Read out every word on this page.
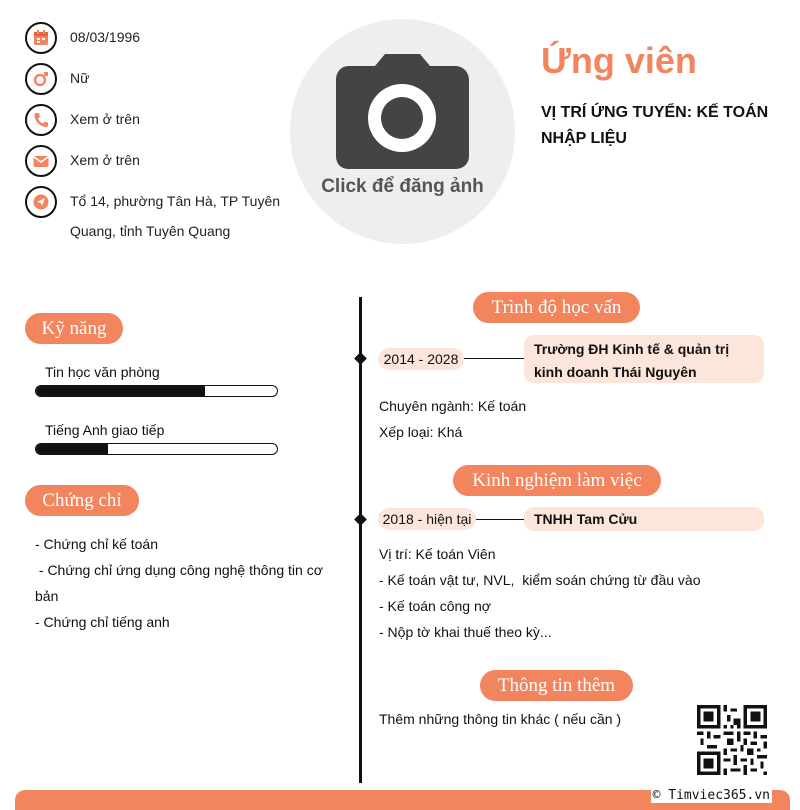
08/03/1996
Nữ
Xem ở trên
Xem ở trên
Tổ 14, phường Tân Hà, TP Tuyên
Quang, tỉnh Tuyên Quang
Click để đăng ảnh
Ứng viên
VỊ TRÍ ỨNG TUYỂN: KẾ TOÁN
NHẬP LIỆU
Kỹ năng
Tin học văn phòng
Tiếng Anh giao tiếp
Chứng chỉ
- Chứng chỉ kế toán
- Chứng chỉ ứng dụng công nghệ thông tin cơ bản
- Chứng chỉ tiếng anh
Trình độ học vấn
2014 - 2028
Trường ĐH Kinh tế & quản trị kinh doanh Thái Nguyên
Chuyên ngành: Kế toán
Xếp loại: Khá
Kinh nghiệm làm việc
2018 - hiện tại	TNHH Tam Cửu
Vị trí: Kế toán Viên
- Kế toán vật tư, NVL,  kiểm soán chứng từ đầu vào
- Kế toán công nợ
- Nộp tờ khai thuế theo kỳ...
Thông tin thêm
Thêm những thông tin khác ( nếu cần )
© Timviec365.vn
